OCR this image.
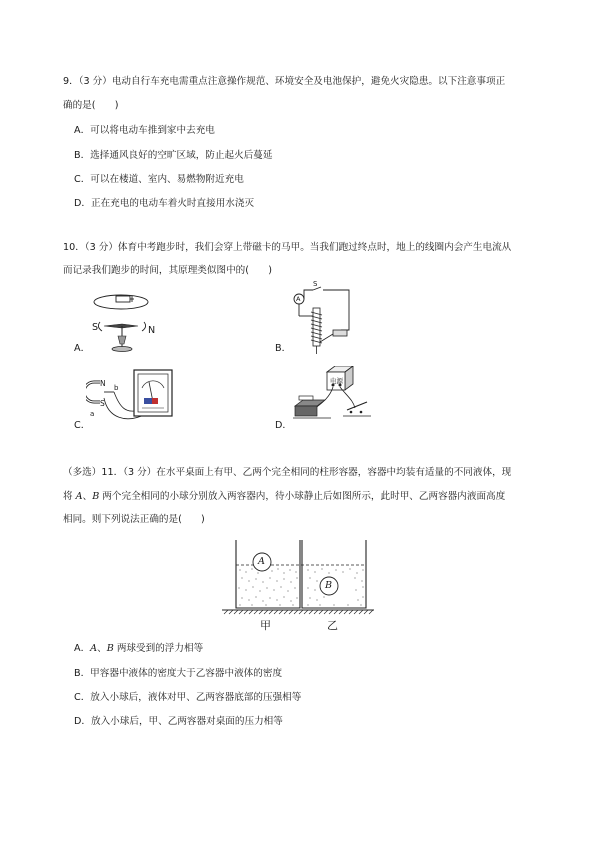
9．（3 分）电动自行车充电需重点注意操作规范、环境安全及电池保护，避免火灾隐患。以下注意事项正
确的是(　　)
A．可以将电动车推到家中去充电
B．选择通风良好的空旷区域，防止起火后蔓延
C．可以在楼道、室内、易燃物附近充电
D．正在充电的电动车着火时直接用水浇灭
10．（3 分）体育中考跑步时，我们会穿上带磁卡的马甲。当我们跑过终点时，地上的线圈内会产生电流从
而记录我们跑步的时间，其原理类似图中的(　　)
S	N
A．
A
S
B．
N
S
a
b
C．
电源
D．
（多选）11．（3 分）在水平桌面上有甲、乙两个完全相同的柱形容器，容器中均装有适量的不同液体，现
将 A、B 两个完全相同的小球分别放入两容器内，待小球静止后如图所示，此时甲、乙两容器内液面高度
相同。则下列说法正确的是(　　)
A
B
甲	乙
A．A、B 两球受到的浮力相等
B．甲容器中液体的密度大于乙容器中液体的密度
C．放入小球后，液体对甲、乙两容器底部的压强相等
D．放入小球后，甲、乙两容器对桌面的压力相等
